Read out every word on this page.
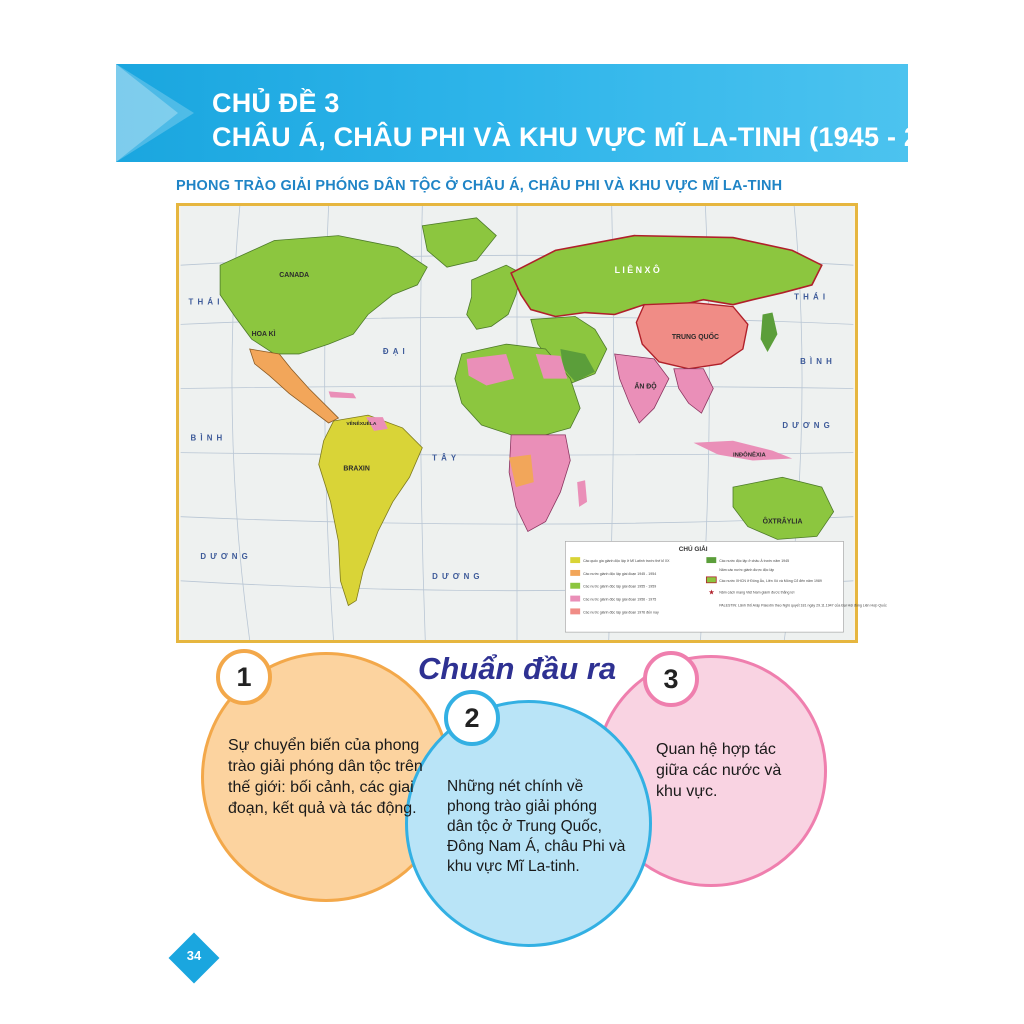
CHỦ ĐỀ 3
CHÂU Á, CHÂU PHI VÀ KHU VỰC MĨ LA-TINH (1945 - 2000)
PHONG TRÀO GIẢI PHÓNG DÂN TỘC Ở CHÂU Á, CHÂU PHI VÀ KHU VỰC MĨ LA-TINH
CANADA
HOA KÌ
BRAXIN
VÊNÊXUÊLA
TRUNG QUỐC
ẤN ĐỘ
INĐÔNÊXIA
ÔXTRÂYLIA
L I Ê N X Ô
T H Á I
B Ì N H
D Ư Ơ N G
Đ Ạ I
T Â Y
D Ư Ơ N G
T H Á I
B Ì N H
D Ư Ơ N G
CHÚ GIẢI
Các quốc gia giành độc lập ở Mĩ Latinh trước thế kỉ XX
Các nước giành độc lập giai đoạn 1945 - 1954
Các nước giành độc lập giai đoạn 1955 - 1959
Các nước giành độc lập giai đoạn 1956 - 1975
Các nước giành độc lập giai đoạn 1976 đến nay
Các nước độc lập ở châu Á trước năm 1945
Năm các nước giành được độc lập
Các nước XHCN ở Đông Âu, Liên Xô và Mông Cổ đến năm 1989
★ Năm cách mạng Việt Nam giành được thắng lợi
PALESTIN: Lãnh thổ Arập Palextin theo Nghị quyết 181 ngày 29.11.1947 của Đại Hội đồng Liên Hợp Quốc
Chuẩn đầu ra
1	3
2
Sự chuyển biến của phong trào giải phóng dân tộc trên thế giới: bối cảnh, các giai đoạn, kết quả và tác động.
Những nét chính về phong trào giải phóng dân tộc ở Trung Quốc, Đông Nam Á, châu Phi và khu vực Mĩ La-tinh.
Quan hệ hợp tác giữa các nước và khu vực.
34
